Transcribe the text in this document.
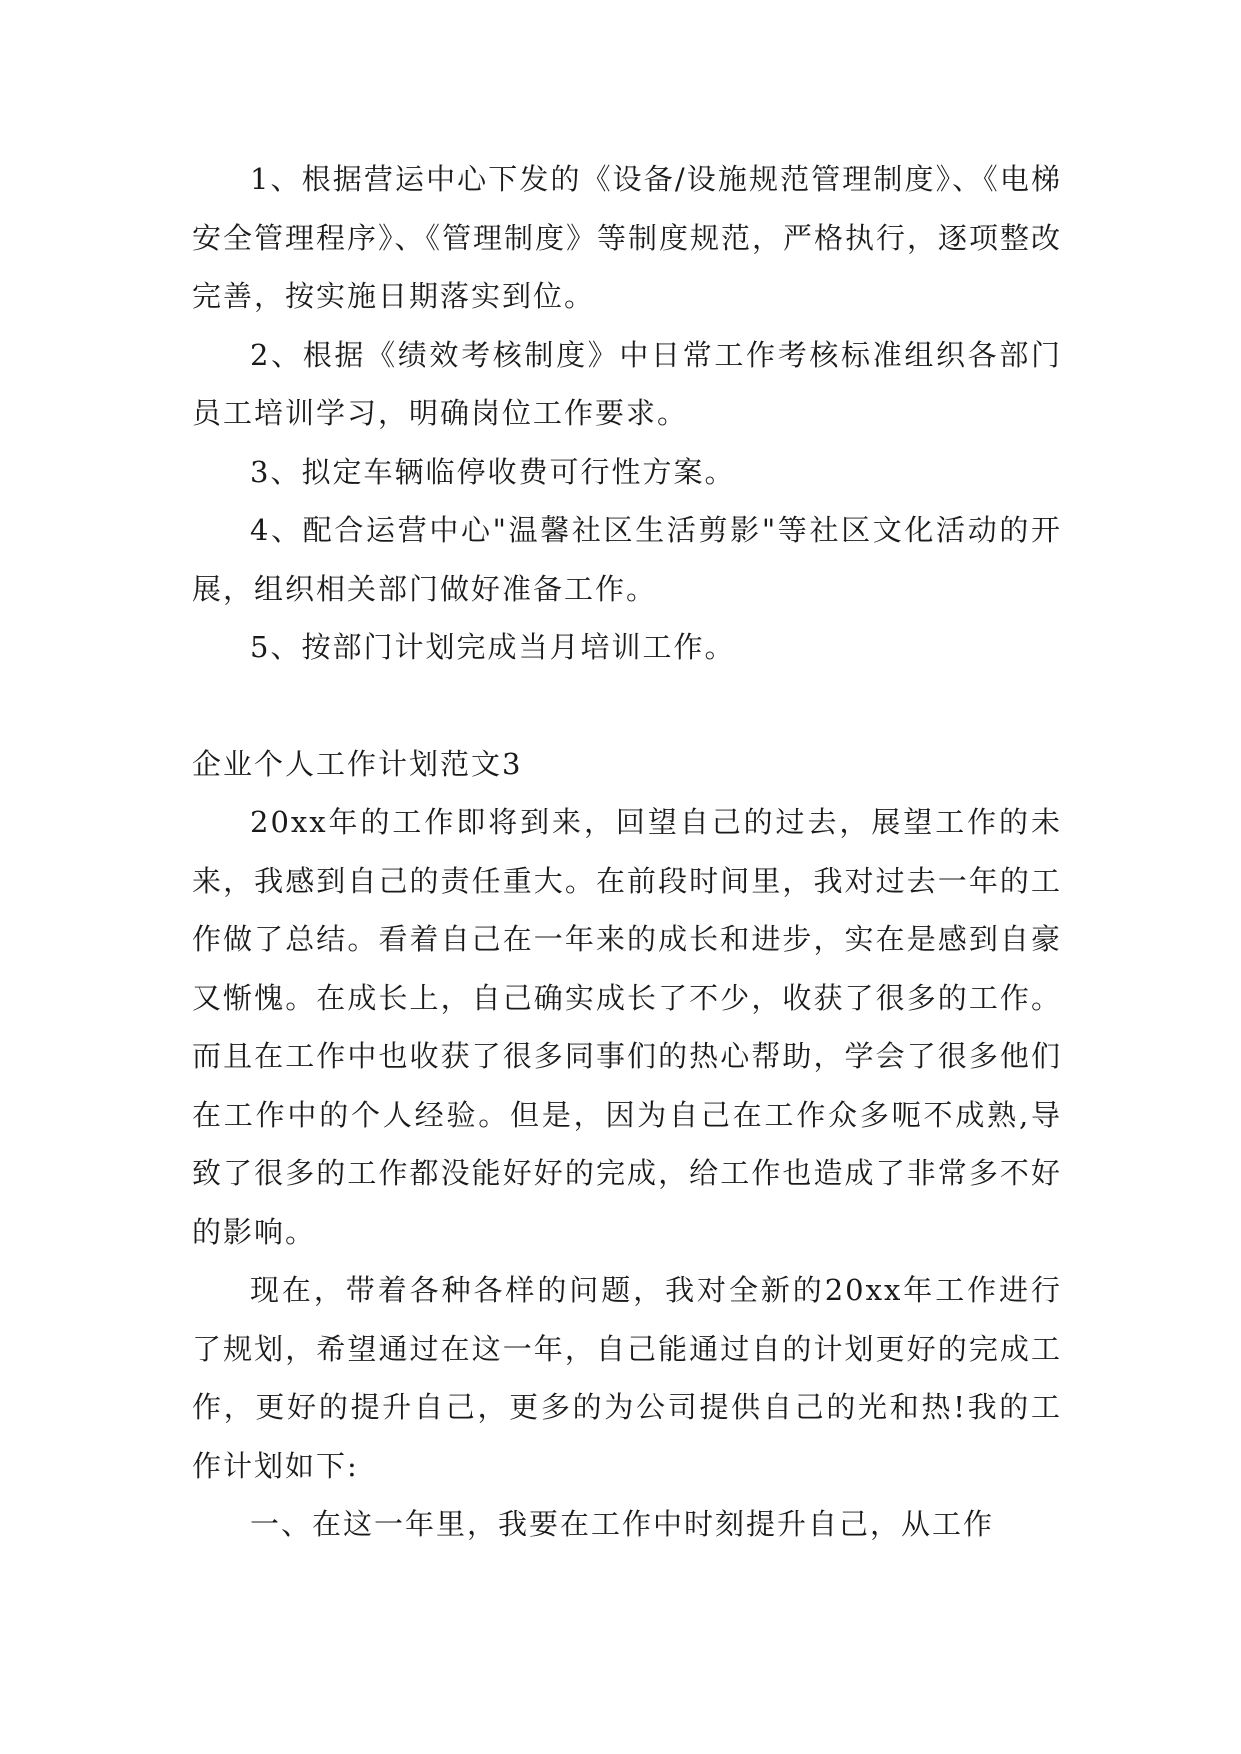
1、根据营运中心下发的《设备/设施规范管理制度》、《电梯安全管理程序》、《管理制度》等制度规范，严格执行，逐项整改完善，按实施日期落实到位。

2、根据《绩效考核制度》中日常工作考核标准组织各部门员工培训学习，明确岗位工作要求。

3、拟定车辆临停收费可行性方案。

4、配合运营中心"温馨社区生活剪影"等社区文化活动的开展，组织相关部门做好准备工作。

5、按部门计划完成当月培训工作。

企业个人工作计划范文3

20xx年的工作即将到来，回望自己的过去，展望工作的未来，我感到自己的责任重大。在前段时间里，我对过去一年的工作做了总结。看着自己在一年来的成长和进步，实在是感到自豪又惭愧。在成长上，自己确实成长了不少，收获了很多的工作。而且在工作中也收获了很多同事们的热心帮助，学会了很多他们在工作中的个人经验。但是，因为自己在工作众多呃不成熟,导致了很多的工作都没能好好的完成，给工作也造成了非常多不好的影响。

现在，带着各种各样的问题，我对全新的20xx年工作进行了规划，希望通过在这一年，自己能通过自的计划更好的完成工作，更好的提升自己，更多的为公司提供自己的光和热!我的工作计划如下:

一、在这一年里，我要在工作中时刻提升自己，从工作
